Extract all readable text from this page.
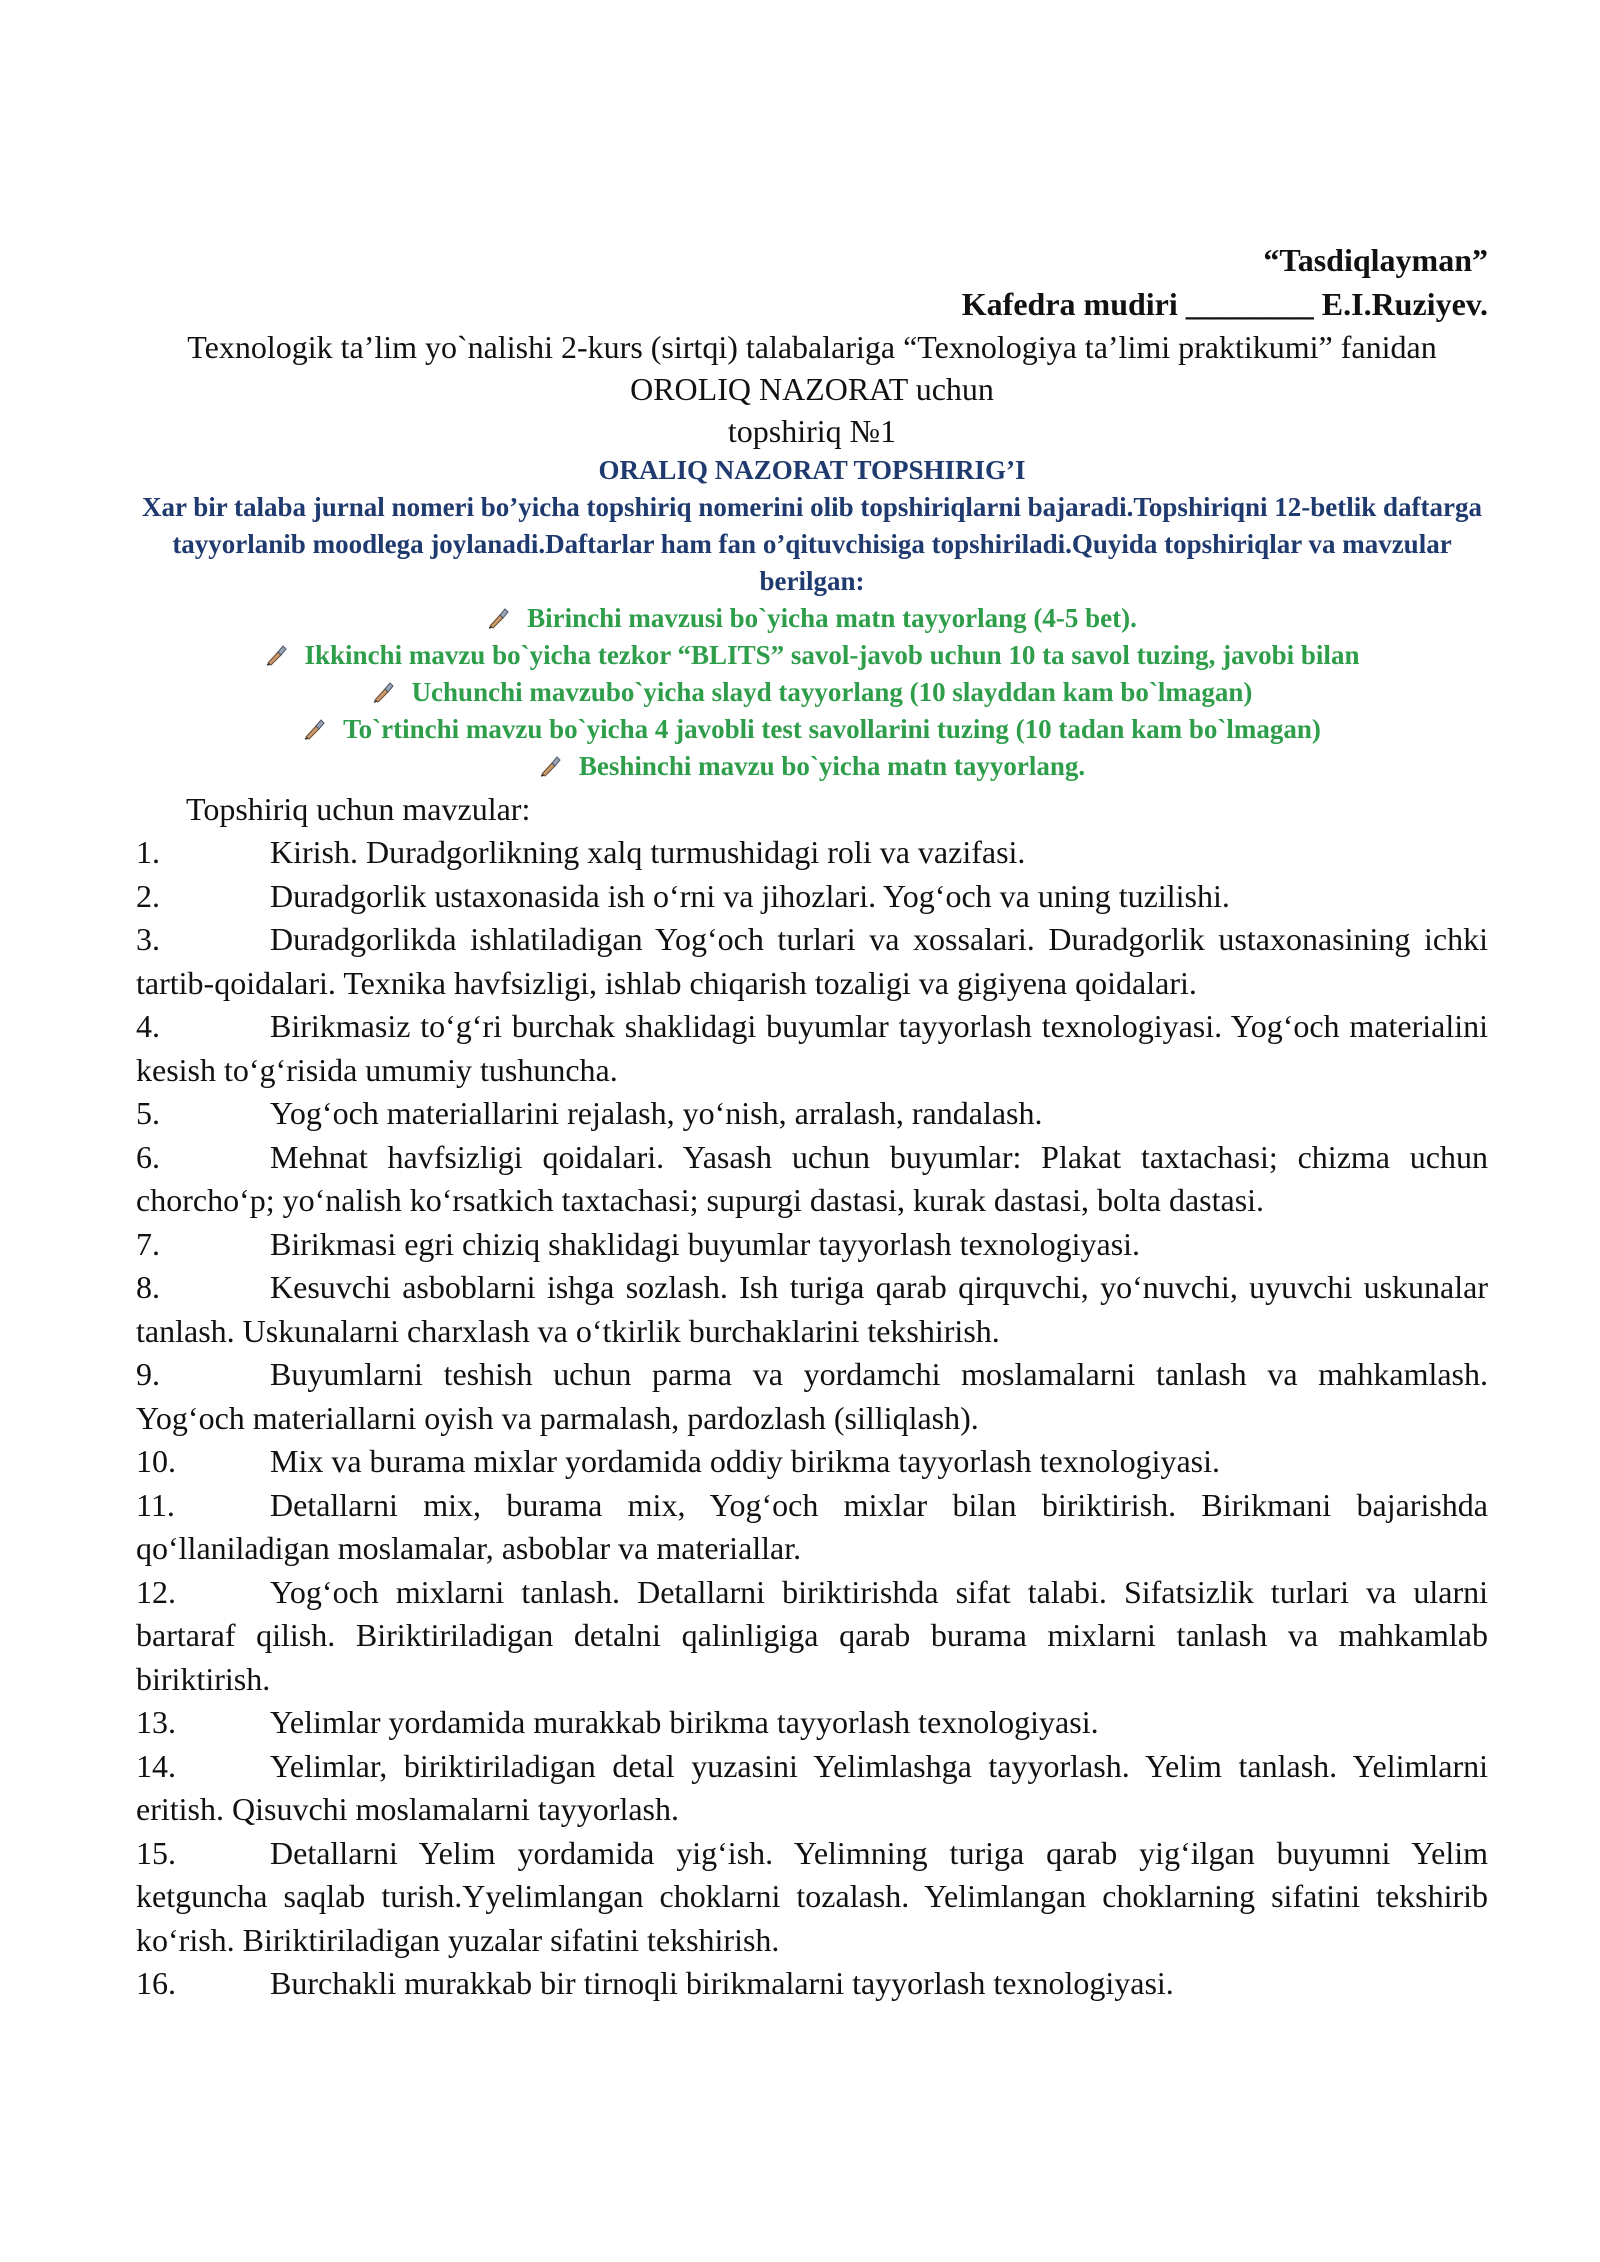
“Tasdiqlayman”
Kafedra mudiri ________ E.I.Ruziyev.
Texnologik ta’lim yo`nalishi 2-kurs (sirtqi) talabalariga “Texnologiya ta’limi praktikumi” fanidan OROLIQ NAZORAT uchun
topshiriq №1
ORALIQ NAZORAT TOPSHIRIG’I
Xar bir talaba jurnal nomeri bo’yicha topshiriq nomerini olib topshiriqlarni bajaradi.Topshiriqni 12-betlik daftarga tayyorlanib moodlega joylanadi.Daftarlar ham fan o’qituvchisiga topshiriladi.Quyida topshiriqlar va mavzular berilgan:
Birinchi mavzusi bo`yicha matn tayyorlang (4-5 bet).
Ikkinchi mavzu bo`yicha tezkor “BLITS” savol-javob uchun 10 ta savol tuzing, javobi bilan
Uchunchi mavzubo`yicha slayd tayyorlang (10 slayddan kam bo`lmagan)
To`rtinchi mavzu bo`yicha 4 javobli test savollarini tuzing (10 tadan kam bo`lmagan)
Beshinchi mavzu bo`yicha matn tayyorlang.
Topshiriq uchun mavzular:
1.	Kirish. Duradgorlikning xalq turmushidagi roli va vazifasi.
2.	Duradgorlik ustaxonasida ish o‘rni va jihozlari. Yog‘och va uning tuzilishi.
3.	Duradgorlikda ishlatiladigan Yog‘och turlari va xossalari. Duradgorlik ustaxonasining ichki tartib-qoidalari. Texnika havfsizligi, ishlab chiqarish tozaligi va gigiyena qoidalari.
4.	Birikmasiz to‘g‘ri burchak shaklidagi buyumlar tayyorlash texnologiyasi. Yog‘och materialini kesish to‘g‘risida umumiy tushuncha.
5.	Yog‘och materiallarini rejalash, yo‘nish, arralash, randalash.
6.	Mehnat havfsizligi qoidalari. Yasash uchun buyumlar: Plakat taxtachasi; chizma uchun chorcho‘p; yo‘nalish ko‘rsatkich taxtachasi; supurgi dastasi, kurak dastasi, bolta dastasi.
7.	Birikmasi egri chiziq shaklidagi buyumlar tayyorlash texnologiyasi.
8.	Kesuvchi asboblarni ishga sozlash. Ish turiga qarab qirquvchi, yo‘nuvchi, uyuvchi uskunalar tanlash. Uskunalarni charxlash va o‘tkirlik burchaklarini tekshirish.
9.	Buyumlarni teshish uchun parma va yordamchi moslamalarni tanlash va mahkamlash. Yog‘och materiallarni oyish va parmalash, pardozlash (silliqlash).
10.	Mix va burama mixlar yordamida oddiy birikma tayyorlash texnologiyasi.
11.	Detallarni mix, burama mix, Yog‘och mixlar bilan biriktirish. Birikmani bajarishda qo‘llaniladigan moslamalar, asboblar va materiallar.
12.	Yog‘och mixlarni tanlash. Detallarni biriktirishda sifat talabi. Sifatsizlik turlari va ularni bartaraf qilish. Biriktiriladigan detalni qalinligiga qarab burama mixlarni tanlash va mahkamlab biriktirish.
13.	Yelimlar yordamida murakkab birikma tayyorlash texnologiyasi.
14.	Yelimlar, biriktiriladigan detal yuzasini Yelimlashga tayyorlash. Yelim tanlash. Yelimlarni eritish. Qisuvchi moslamalarni tayyorlash.
15.	Detallarni Yelim yordamida yig‘ish. Yelimning turiga qarab yig‘ilgan buyumni Yelim ketguncha saqlab turish.Yyelimlangan choklarni tozalash. Yelimlangan choklarning sifatini tekshirib ko‘rish. Biriktiriladigan yuzalar sifatini tekshirish.
16.	Burchakli murakkab bir tirnoqli birikmalarni tayyorlash texnologiyasi.
